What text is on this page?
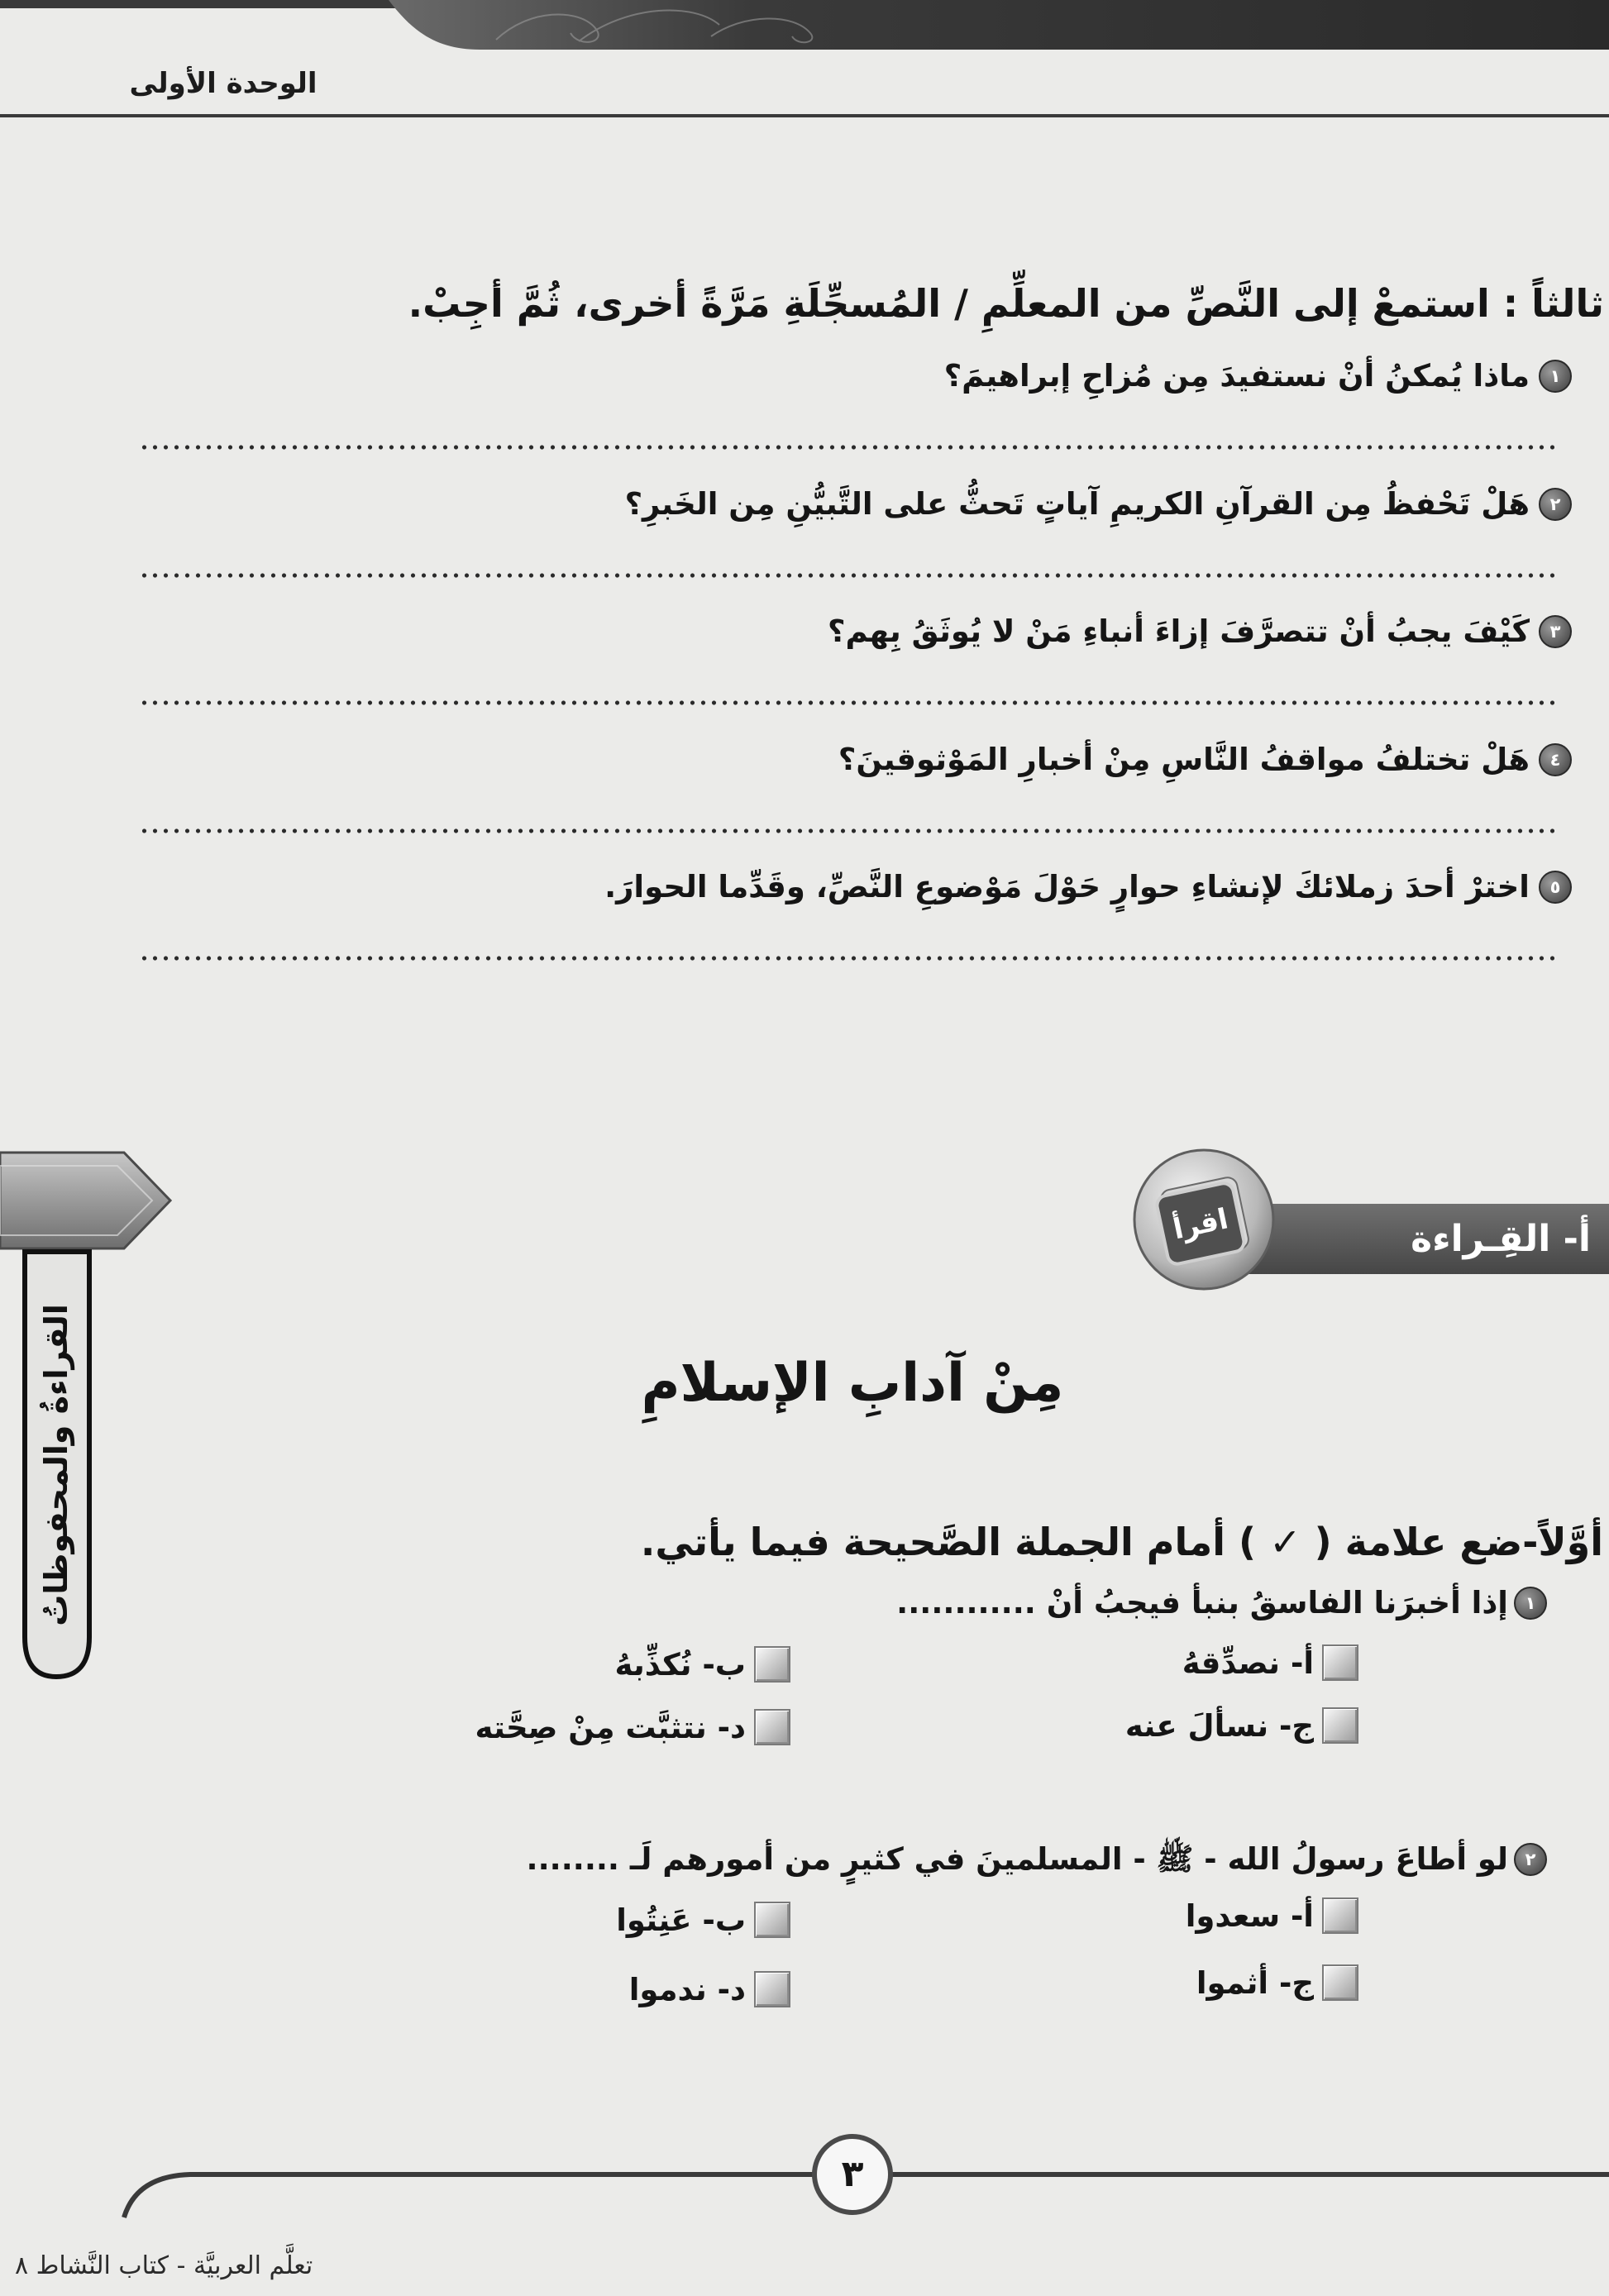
الوحدة الأولى
ثالثاً : استمعْ إلى النَّصِّ من المعلِّمِ / المُسجِّلَةِ مَرَّةً أخرى، ثُمَّ أجِبْ.
١
ماذا يُمكنُ أنْ نستفيدَ مِن مُزاحِ إبراهيمَ؟
٢
هَلْ تَحْفظُ مِن القرآنِ الكريمِ آياتٍ تَحثُّ على التَّبيُّنِ مِن الخَبرِ؟
٣
كَيْفَ يجبُ أنْ تتصرَّفَ إزاءَ أنباءِ مَنْ لا يُوثَقُ بِهم؟
٤
هَلْ تختلفُ مواقفُ النَّاسِ مِنْ أخبارِ المَوْثوقينَ؟
٥
اخترْ أحدَ زملائكَ لإنشاءِ حوارٍ حَوْلَ مَوْضوعِ النَّصِّ، وقَدِّما الحوارَ.
القراءةُ والمحفوظاتُ
أ- القِـراءة
اقرأ
مِنْ آدابِ الإسلامِ
أوَّلاً-ضع علامة ( ✓ ) أمام الجملة الصَّحيحة فيما يأتي.
١
إذا أخبرَنا الفاسقُ بنبأ فيجبُ أنْ ............
أ- نصدِّقهُ
ب- نُكذِّبهُ
ج- نسألَ عنه
د- نتثبَّت مِنْ صِحَّته
٢
لو أطاعَ رسولُ الله - ﷺ - المسلمينَ في كثيرٍ من أمورهم لَـ ........
أ- سعدوا
ب- عَنِتُوا
ج- أثموا
د- ندموا
٣
تعلَّم العربيَّة - كتاب النَّشاط ٨
